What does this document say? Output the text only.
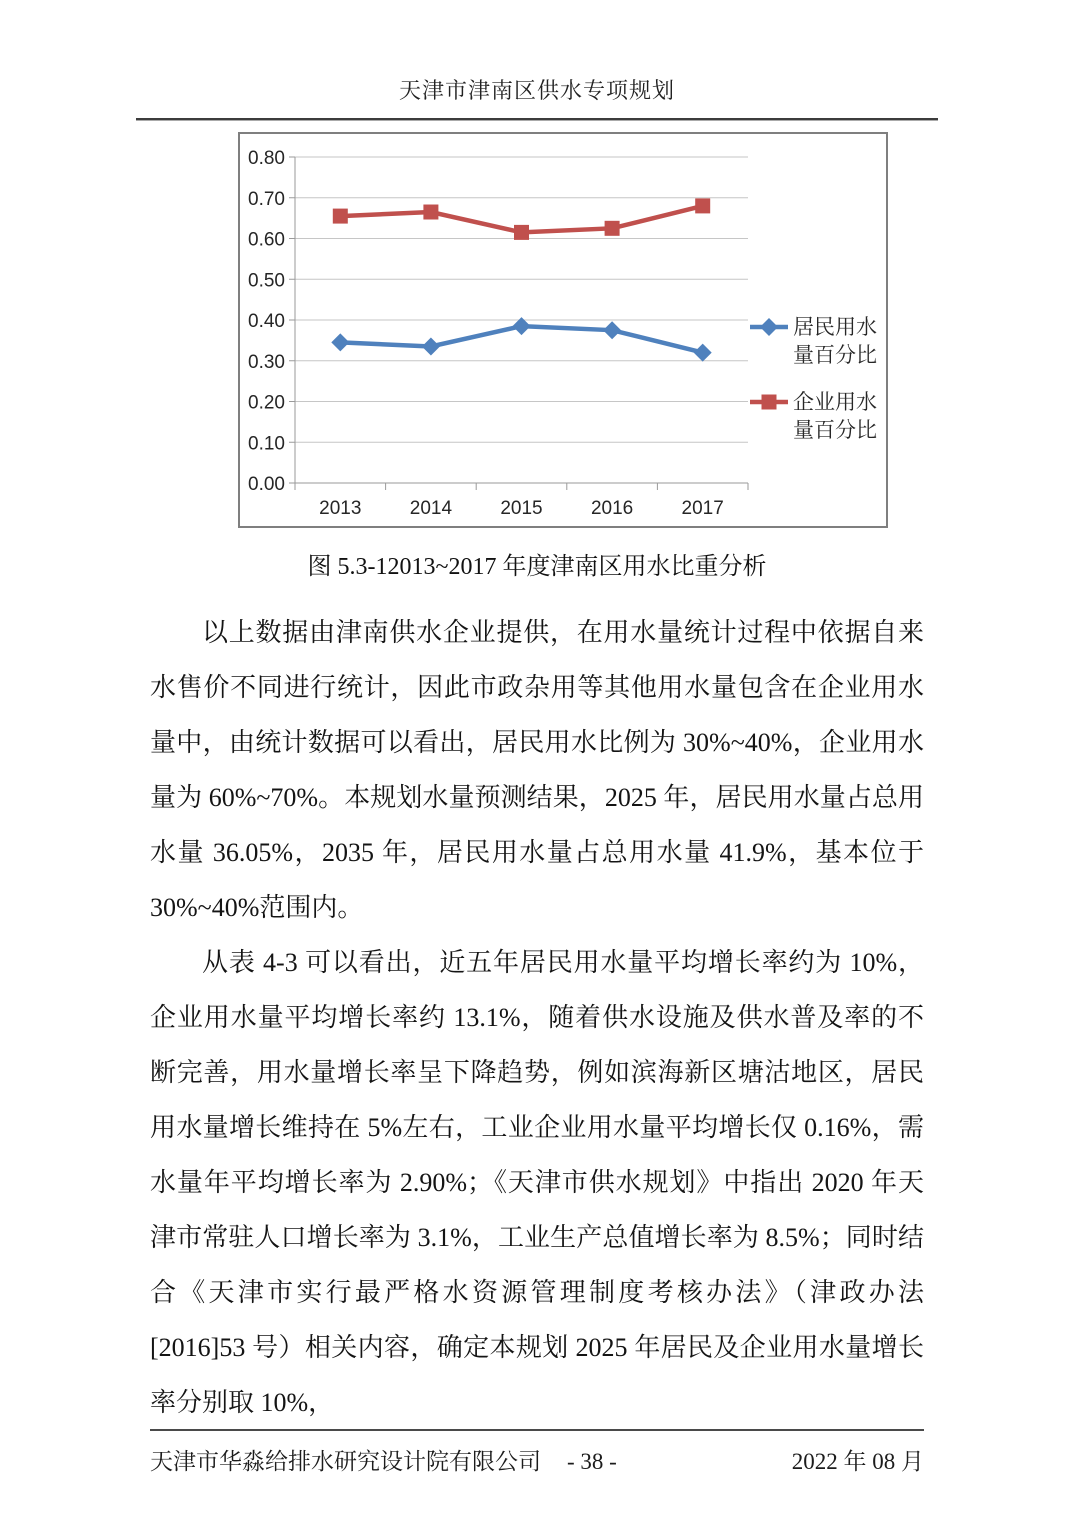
天津市津南区供水专项规划
0.00
0.10
0.20
0.30
0.40
0.50
0.60
0.70
0.80
2013	2014	2015	2016	2017
居民用水
量百分比
企业用水
量百分比
图 5.3-12013~2017 年度津南区用水比重分析

以上数据由津南供水企业提供，在用水量统计过程中依据自来水售价不同进行统计，因此市政杂用等其他用水量包含在企业用水量中，由统计数据可以看出，居民用水比例为 30%~40%，企业用水量为 60%~70%。本规划水量预测结果，2025 年，居民用水量占总用水量 36.05%，2035 年，居民用水量占总用水量 41.9%，基本位于 30%~40%范围内。

从表 4-3 可以看出，近五年居民用水量平均增长率约为 10%，企业用水量平均增长率约 13.1%，随着供水设施及供水普及率的不断完善，用水量增长率呈下降趋势，例如滨海新区塘沽地区，居民用水量增长维持在 5%左右，工业企业用水量平均增长仅 0.16%，需水量年平均增长率为 2.90%；《天津市供水规划》中指出 2020 年天津市常驻人口增长率为 3.1%，工业生产总值增长率为 8.5%；同时结合《天津市实行最严格水资源管理制度考核办法》（津政办法[2016]53 号）相关内容，确定本规划 2025 年居民及企业用水量增长率分别取 10%，

天津市华淼给排水研究设计院有限公司 - 38 -	2022 年 08 月
